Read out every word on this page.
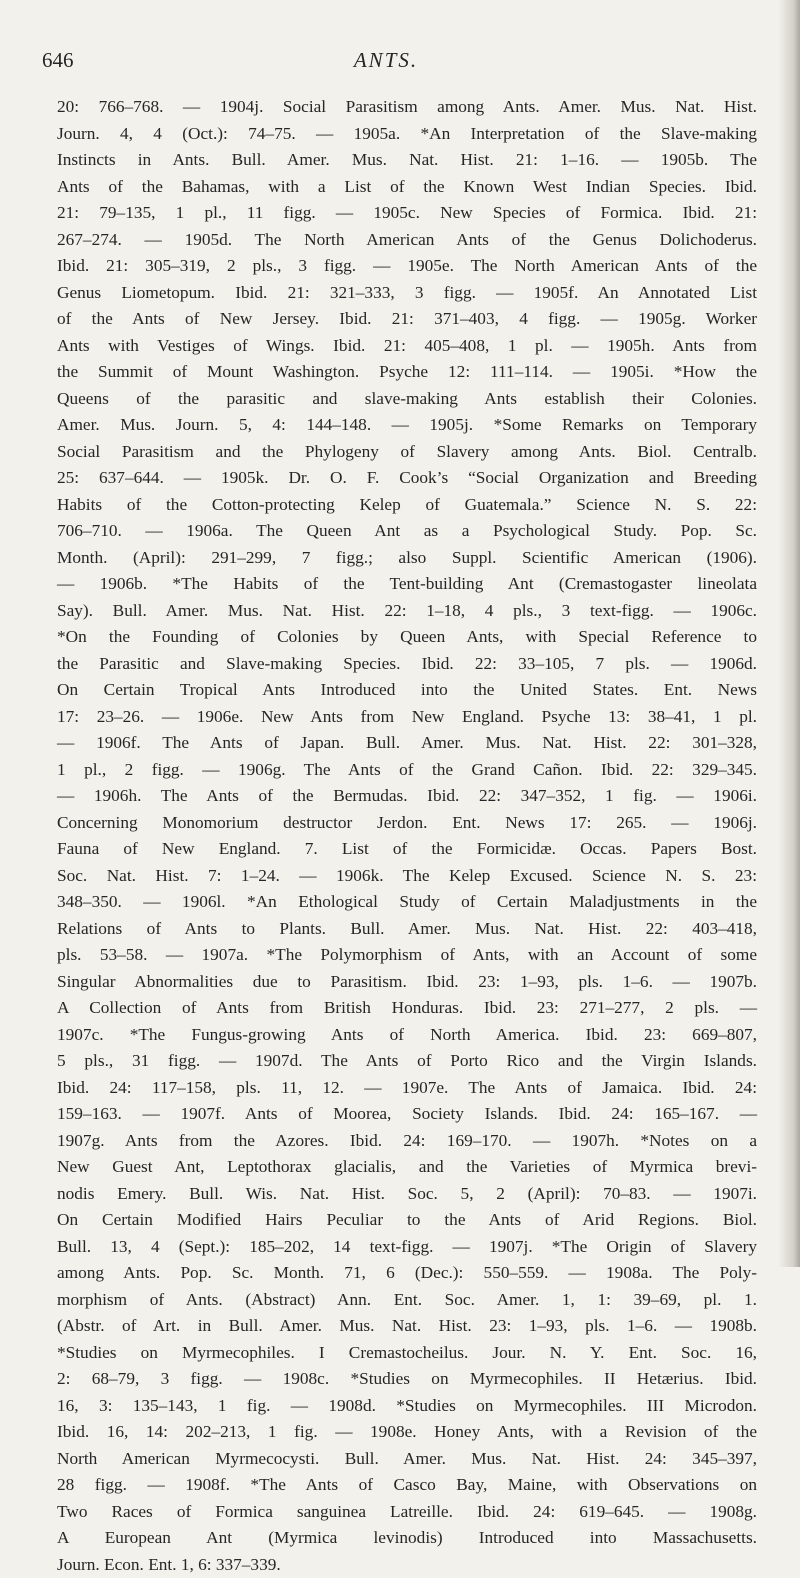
646	ANTS.
20: 766–768. — 1904j. Social Parasitism among Ants. Amer. Mus. Nat. Hist.
Journ. 4, 4 (Oct.): 74–75. — 1905a. *An Interpretation of the Slave-making
Instincts in Ants. Bull. Amer. Mus. Nat. Hist. 21: 1–16. — 1905b. The
Ants of the Bahamas, with a List of the Known West Indian Species. Ibid.
21: 79–135, 1 pl., 11 figg. — 1905c. New Species of Formica. Ibid. 21:
267–274. — 1905d. The North American Ants of the Genus Dolichoderus.
Ibid. 21: 305–319, 2 pls., 3 figg. — 1905e. The North American Ants of the
Genus Liometopum. Ibid. 21: 321–333, 3 figg. — 1905f. An Annotated List
of the Ants of New Jersey. Ibid. 21: 371–403, 4 figg. — 1905g. Worker
Ants with Vestiges of Wings. Ibid. 21: 405–408, 1 pl. — 1905h. Ants from
the Summit of Mount Washington. Psyche 12: 111–114. — 1905i. *How the
Queens of the parasitic and slave-making Ants establish their Colonies.
Amer. Mus. Journ. 5, 4: 144–148. — 1905j. *Some Remarks on Temporary
Social Parasitism and the Phylogeny of Slavery among Ants. Biol. Centralb.
25: 637–644. — 1905k. Dr. O. F. Cook’s “Social Organization and Breeding
Habits of the Cotton-protecting Kelep of Guatemala.” Science N. S. 22:
706–710. — 1906a. The Queen Ant as a Psychological Study. Pop. Sc.
Month. (April): 291–299, 7 figg.; also Suppl. Scientific American (1906).
— 1906b. *The Habits of the Tent-building Ant (Cremastogaster lineolata
Say). Bull. Amer. Mus. Nat. Hist. 22: 1–18, 4 pls., 3 text-figg. — 1906c.
*On the Founding of Colonies by Queen Ants, with Special Reference to
the Parasitic and Slave-making Species. Ibid. 22: 33–105, 7 pls. — 1906d.
On Certain Tropical Ants Introduced into the United States. Ent. News
17: 23–26. — 1906e. New Ants from New England. Psyche 13: 38–41, 1 pl.
— 1906f. The Ants of Japan. Bull. Amer. Mus. Nat. Hist. 22: 301–328,
1 pl., 2 figg. — 1906g. The Ants of the Grand Cañon. Ibid. 22: 329–345.
— 1906h. The Ants of the Bermudas. Ibid. 22: 347–352, 1 fig. — 1906i.
Concerning Monomorium destructor Jerdon. Ent. News 17: 265. — 1906j.
Fauna of New England. 7. List of the Formicidæ. Occas. Papers Bost.
Soc. Nat. Hist. 7: 1–24. — 1906k. The Kelep Excused. Science N. S. 23:
348–350. — 1906l. *An Ethological Study of Certain Maladjustments in the
Relations of Ants to Plants. Bull. Amer. Mus. Nat. Hist. 22: 403–418,
pls. 53–58. — 1907a. *The Polymorphism of Ants, with an Account of some
Singular Abnormalities due to Parasitism. Ibid. 23: 1–93, pls. 1–6. — 1907b.
A Collection of Ants from British Honduras. Ibid. 23: 271–277, 2 pls. —
1907c. *The Fungus-growing Ants of North America. Ibid. 23: 669–807,
5 pls., 31 figg. — 1907d. The Ants of Porto Rico and the Virgin Islands.
Ibid. 24: 117–158, pls. 11, 12. — 1907e. The Ants of Jamaica. Ibid. 24:
159–163. — 1907f. Ants of Moorea, Society Islands. Ibid. 24: 165–167. —
1907g. Ants from the Azores. Ibid. 24: 169–170. — 1907h. *Notes on a
New Guest Ant, Leptothorax glacialis, and the Varieties of Myrmica brevi-
nodis Emery. Bull. Wis. Nat. Hist. Soc. 5, 2 (April): 70–83. — 1907i.
On Certain Modified Hairs Peculiar to the Ants of Arid Regions. Biol.
Bull. 13, 4 (Sept.): 185–202, 14 text-figg. — 1907j. *The Origin of Slavery
among Ants. Pop. Sc. Month. 71, 6 (Dec.): 550–559. — 1908a. The Poly-
morphism of Ants. (Abstract) Ann. Ent. Soc. Amer. 1, 1: 39–69, pl. 1.
(Abstr. of Art. in Bull. Amer. Mus. Nat. Hist. 23: 1–93, pls. 1–6. — 1908b.
*Studies on Myrmecophiles. I Cremastocheilus. Jour. N. Y. Ent. Soc. 16,
2: 68–79, 3 figg. — 1908c. *Studies on Myrmecophiles. II Hetærius. Ibid.
16, 3: 135–143, 1 fig. — 1908d. *Studies on Myrmecophiles. III Microdon.
Ibid. 16, 14: 202–213, 1 fig. — 1908e. Honey Ants, with a Revision of the
North American Myrmecocysti. Bull. Amer. Mus. Nat. Hist. 24: 345–397,
28 figg. — 1908f. *The Ants of Casco Bay, Maine, with Observations on
Two Races of Formica sanguinea Latreille. Ibid. 24: 619–645. — 1908g.
A European Ant (Myrmica levinodis) Introduced into Massachusetts.
Journ. Econ. Ent. 1, 6: 337–339.
